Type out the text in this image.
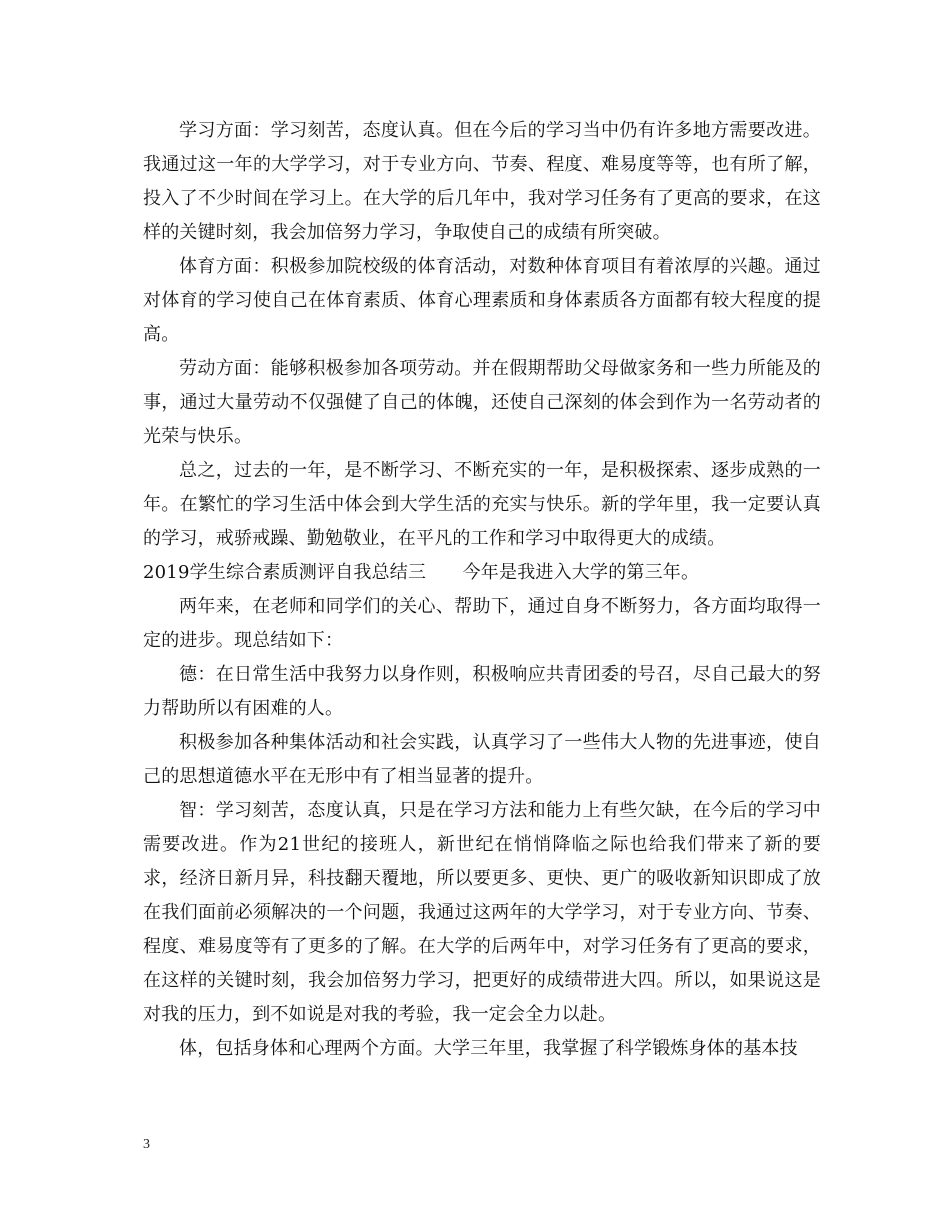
学习方面：学习刻苦，态度认真。但在今后的学习当中仍有许多地方需要改进。我通过这一年的大学学习，对于专业方向、节奏、程度、难易度等等，也有所了解，投入了不少时间在学习上。在大学的后几年中，我对学习任务有了更高的要求，在这样的关键时刻，我会加倍努力学习，争取使自己的成绩有所突破。

体育方面：积极参加院校级的体育活动，对数种体育项目有着浓厚的兴趣。通过对体育的学习使自己在体育素质、体育心理素质和身体素质各方面都有较大程度的提高。

劳动方面：能够积极参加各项劳动。并在假期帮助父母做家务和一些力所能及的事，通过大量劳动不仅强健了自己的体魄，还使自己深刻的体会到作为一名劳动者的光荣与快乐。

总之，过去的一年，是不断学习、不断充实的一年，是积极探索、逐步成熟的一年。在繁忙的学习生活中体会到大学生活的充实与快乐。新的学年里，我一定要认真的学习，戒骄戒躁、勤勉敬业，在平凡的工作和学习中取得更大的成绩。

2019学生综合素质测评自我总结三　　今年是我进入大学的第三年。

两年来，在老师和同学们的关心、帮助下，通过自身不断努力，各方面均取得一定的进步。现总结如下：

德：在日常生活中我努力以身作则，积极响应共青团委的号召，尽自己最大的努力帮助所以有困难的人。

积极参加各种集体活动和社会实践，认真学习了一些伟大人物的先进事迹，使自己的思想道德水平在无形中有了相当显著的提升。

智：学习刻苦，态度认真，只是在学习方法和能力上有些欠缺，在今后的学习中需要改进。作为21世纪的接班人，新世纪在悄悄降临之际也给我们带来了新的要求，经济日新月异，科技翻天覆地，所以要更多、更快、更广的吸收新知识即成了放在我们面前必须解决的一个问题，我通过这两年的大学学习，对于专业方向、节奏、程度、难易度等有了更多的了解。在大学的后两年中，对学习任务有了更高的要求，在这样的关键时刻，我会加倍努力学习，把更好的成绩带进大四。所以，如果说这是对我的压力，到不如说是对我的考验，我一定会全力以赴。

体，包括身体和心理两个方面。大学三年里，我掌握了科学锻炼身体的基本技

3
